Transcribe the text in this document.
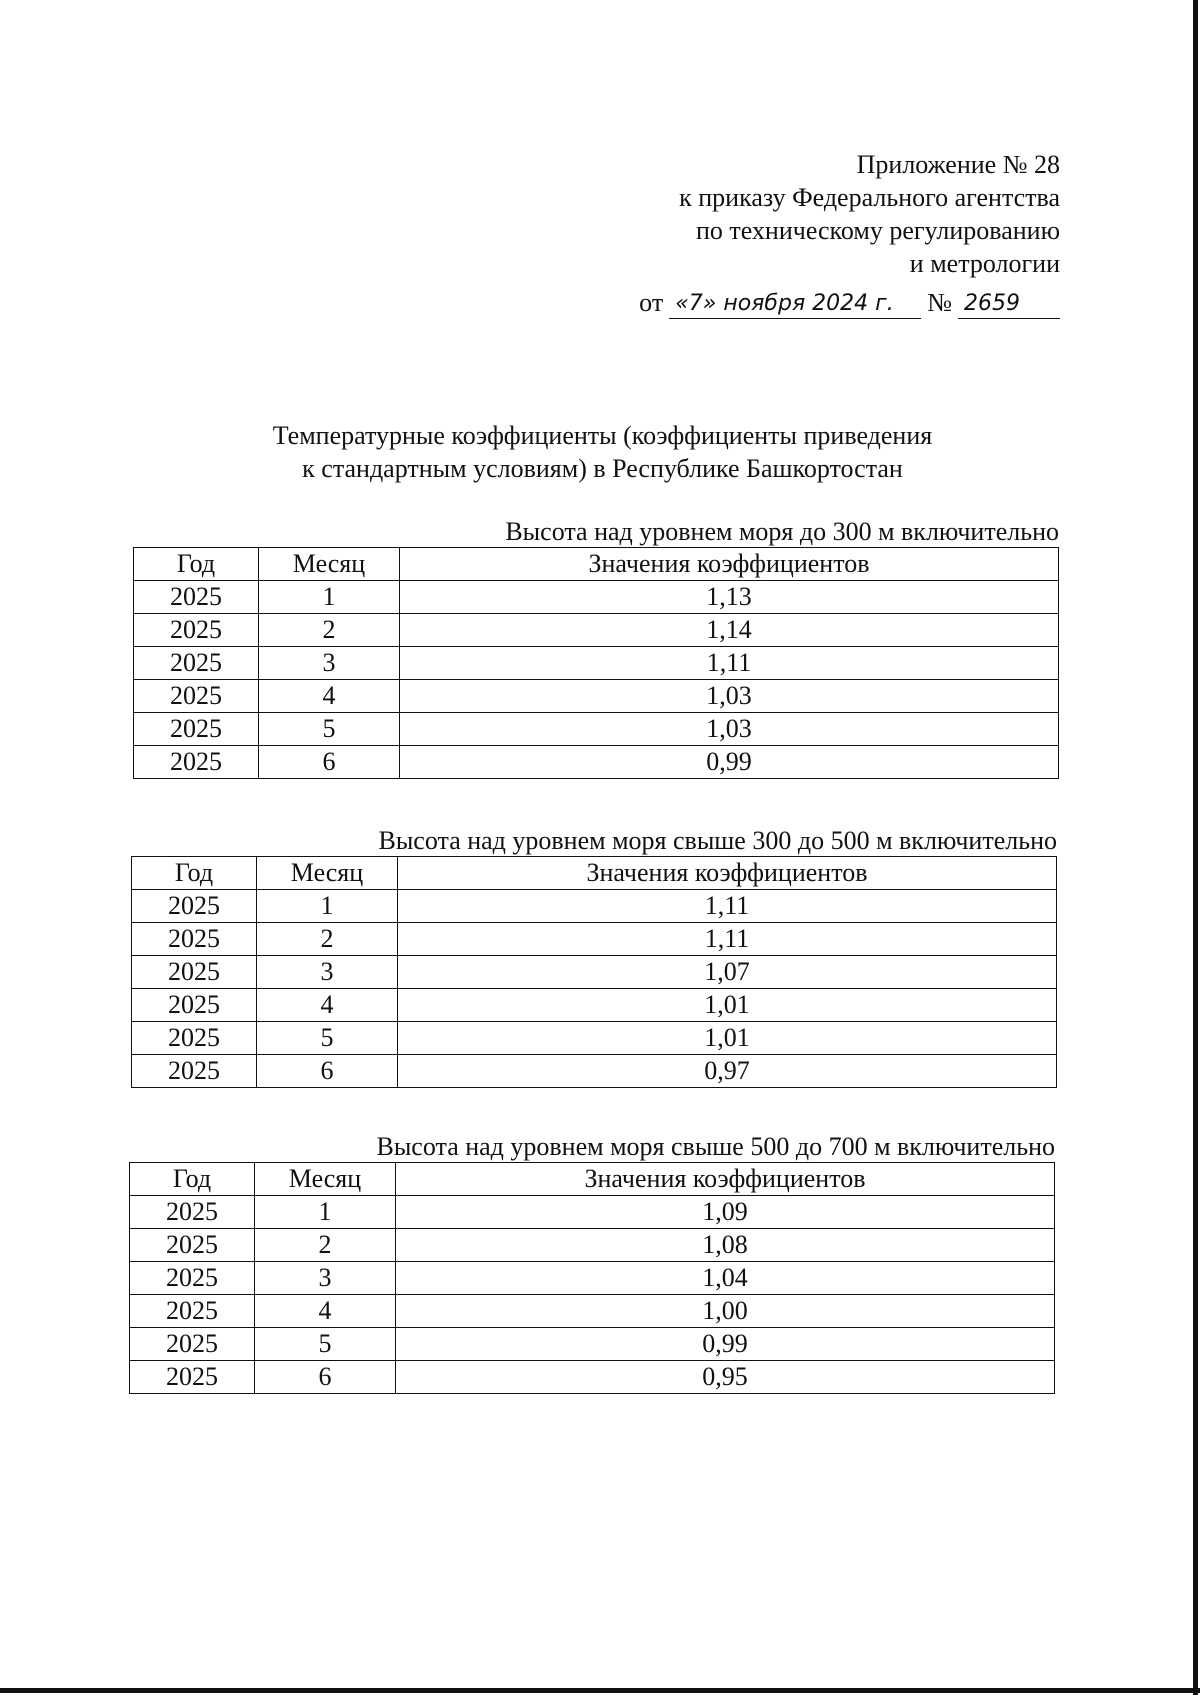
Приложение № 28
к приказу Федерального агентства
по техническому регулированию
и метрологии
от «7» ноября 2024 г.	№ 2659
Температурные коэффициенты (коэффициенты приведения
к стандартным условиям) в Республике Башкортостан
Высота над уровнем моря до 300 м включительно
Год	Месяц	Значения коэффициентов
2025	1	1,13
2025	2	1,14
2025	3	1,11
2025	4	1,03
2025	5	1,03
2025	6	0,99
Высота над уровнем моря свыше 300 до 500 м включительно
Год	Месяц	Значения коэффициентов
2025	1	1,11
2025	2	1,11
2025	3	1,07
2025	4	1,01
2025	5	1,01
2025	6	0,97
Высота над уровнем моря свыше 500 до 700 м включительно
Год	Месяц	Значения коэффициентов
2025	1	1,09
2025	2	1,08
2025	3	1,04
2025	4	1,00
2025	5	0,99
2025	6	0,95
